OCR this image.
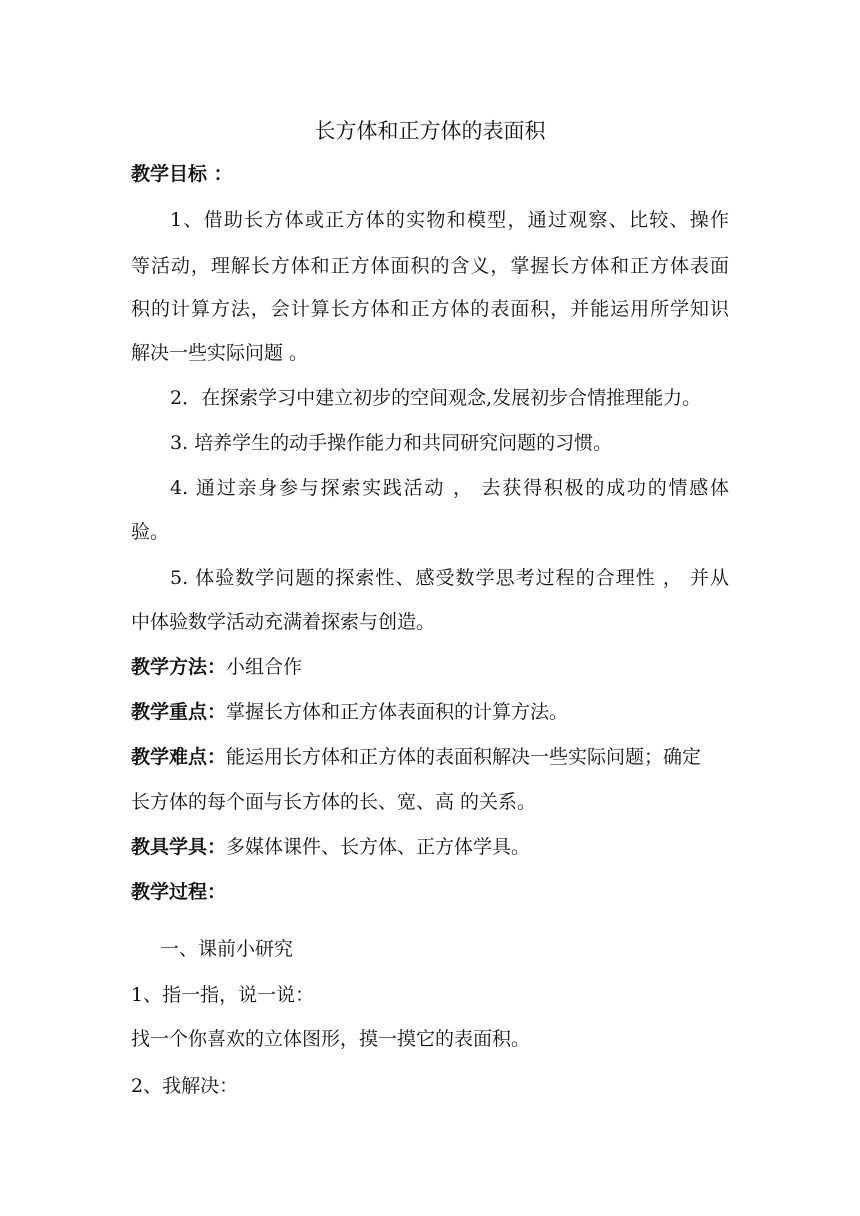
长方体和正方体的表面积
教学目标 ：
1、借助长方体或正方体的实物和模型，通过观察、比较、操作
等活动，理解长方体和正方体面积的含义，掌握长方体和正方体表面
积的计算方法，会计算长方体和正方体的表面积，并能运用所学知识
解决一些实际问题 。
2．在探索学习中建立初步的空间观念,发展初步合情推理能力。
3. 培养学生的动手操作能力和共同研究问题的习惯。
4. 通过亲身参与探索实践活动 ， 去获得积极的成功的情感体
验。
5. 体验数学问题的探索性、感受数学思考过程的合理性 ， 并从
中体验数学活动充满着探索与创造。
教学方法：小组合作
教学重点：掌握长方体和正方体表面积的计算方法。
教学难点：能运用长方体和正方体的表面积解决一些实际问题；确定
长方体的每个面与长方体的长、宽、高 的关系。
教具学具：多媒体课件、长方体、正方体学具。
教学过程：
一、课前小研究
1、指一指，说一说：
找一个你喜欢的立体图形，摸一摸它的表面积。
2、我解决：
